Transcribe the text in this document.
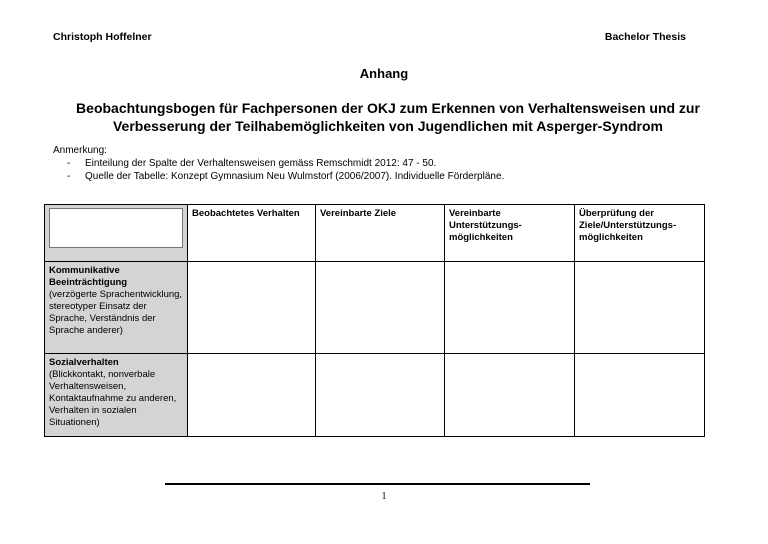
Christoph Hoffelner	Bachelor Thesis
Anhang
Beobachtungsbogen für Fachpersonen der OKJ zum Erkennen von Verhaltensweisen und zur
Verbesserung der Teilhabemöglichkeiten von Jugendlichen mit Asperger-Syndrom
Anmerkung:
- Einteilung der Spalte der Verhaltensweisen gemäss Remschmidt 2012: 47 - 50.
- Quelle der Tabelle: Konzept Gymnasium Neu Wulmstorf (2006/2007). Individuelle Förderpläne.
	Beobachtetes Verhalten	Vereinbarte Ziele	Vereinbarte Unterstützungs-möglichkeiten	Überprüfung der Ziele/Unterstützungs-möglichkeiten

Kommunikative Beeinträchtigung
(verzögerte Sprachentwicklung, stereotyper Einsatz der Sprache, Verständnis der Sprache anderer)				

Sozialverhalten
(Blickkontakt, nonverbale Verhaltensweisen, Kontaktaufnahme zu anderen, Verhalten in sozialen Situationen)				

1
